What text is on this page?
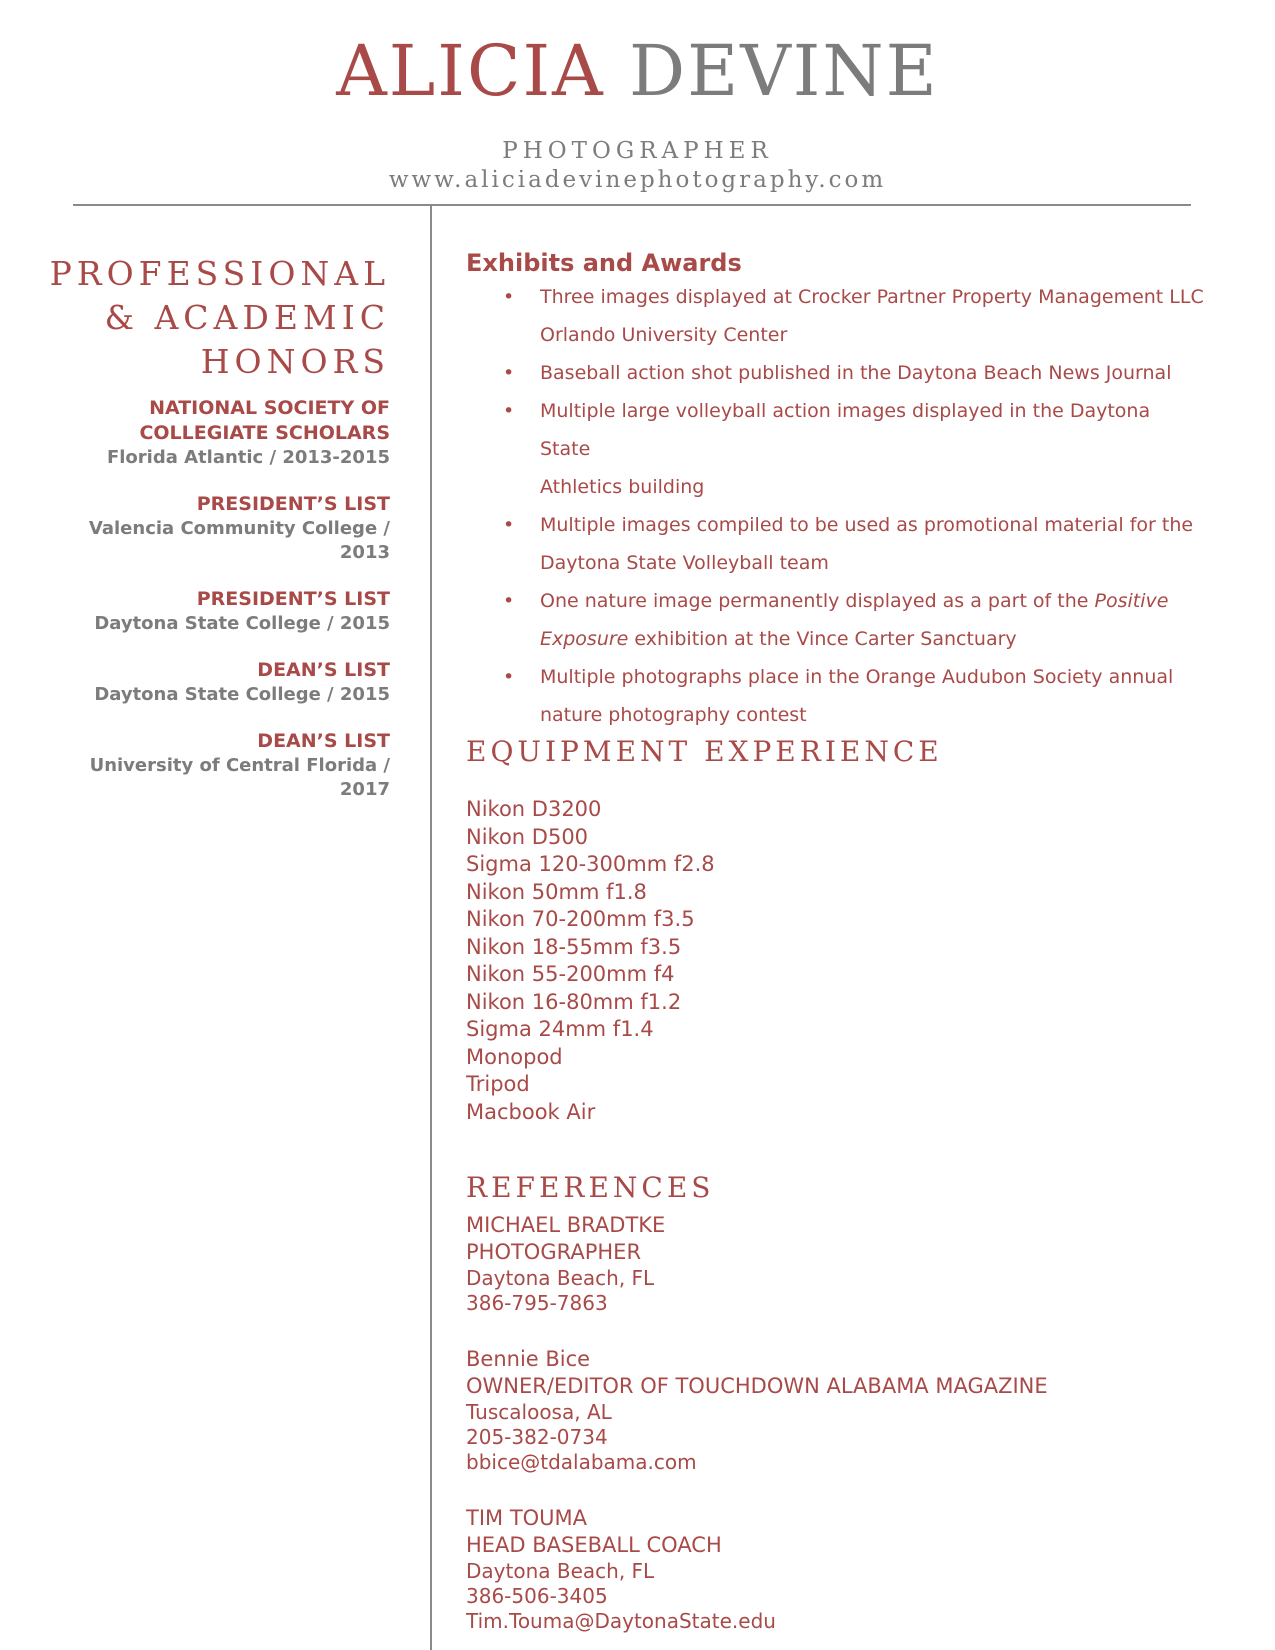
ALICIA DEVINE
PHOTOGRAPHER
www.aliciadevinephotography.com
PROFESSIONAL
& ACADEMIC
HONORS
NATIONAL SOCIETY OF
COLLEGIATE SCHOLARS
Florida Atlantic / 2013-2015
PRESIDENT’S LIST
Valencia Community College / 2013
PRESIDENT’S LIST
Daytona State College / 2015
DEAN’S LIST
Daytona State College / 2015
DEAN’S LIST
University of Central Florida / 2017
Exhibits and Awards
• Three images displayed at Crocker Partner Property Management LLC
Orlando University Center
• Baseball action shot published in the Daytona Beach News Journal
• Multiple large volleyball action images displayed in the Daytona State
Athletics building
• Multiple images compiled to be used as promotional material for the
Daytona State Volleyball team
• One nature image permanently displayed as a part of the Positive
Exposure exhibition at the Vince Carter Sanctuary
• Multiple photographs place in the Orange Audubon Society annual
nature photography contest
EQUIPMENT EXPERIENCE
Nikon D3200
Nikon D500
Sigma 120-300mm f2.8
Nikon 50mm f1.8
Nikon 70-200mm f3.5
Nikon 18-55mm f3.5
Nikon 55-200mm f4
Nikon 16-80mm f1.2
Sigma 24mm f1.4
Monopod
Tripod
Macbook Air
REFERENCES
MICHAEL BRADTKE
PHOTOGRAPHER
Daytona Beach, FL
386-795-7863
Bennie Bice
OWNER/EDITOR OF TOUCHDOWN ALABAMA MAGAZINE
Tuscaloosa, AL
205-382-0734
bbice@tdalabama.com
TIM TOUMA
HEAD BASEBALL COACH
Daytona Beach, FL
386-506-3405
Tim.Touma@DaytonaState.edu
